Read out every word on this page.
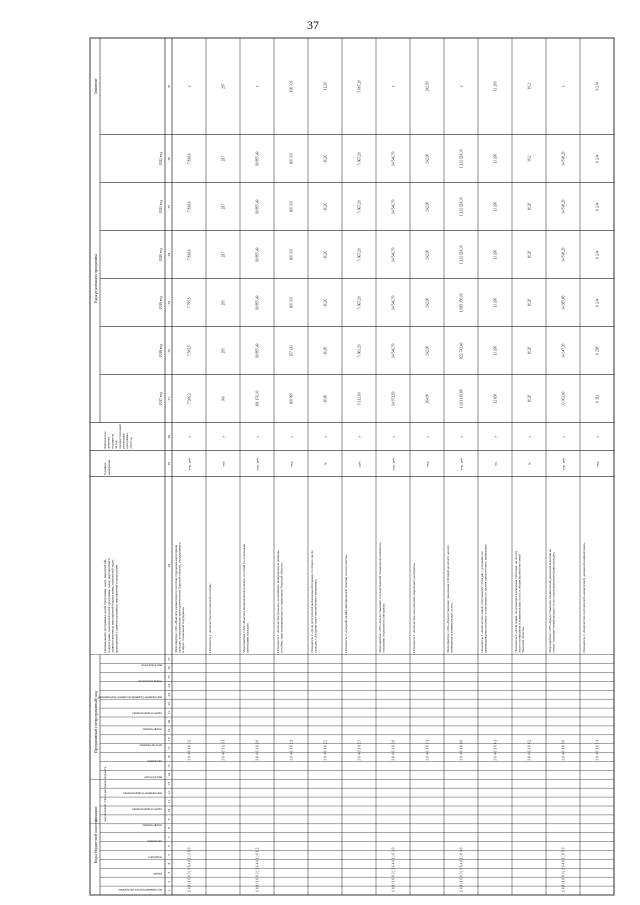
37
Коды бюджетной классификации
Программный (непрограммный) код
Годы реализации программы
Значение
код целевой статьи расходов бюджета
код администратора программы
раздел
подраздел
программа
подпрограмма
задача подпрограммы
мероприятие подпрограммы
вид расходов
программа
цель программы
подпрограмма
задача подпрограммы
мероприятие (административное мероприятие)
номер показателя
вид показателя
Наименование программы, целей программы, задач, мероприятий, подпрограмм, показателей целей программы, задач, мероприятий и административных мероприятий подпрограмм, показателей задач, мероприятий и административных мероприятий подпрограмм
Единица измерения
Фактическое значение показателя за год, предшествующий реализации программы, 2016 год
2017 год
2018 год
2019 год
2020 год
2021 год
2022 год
1
2
3
4
5
6
7
8
9
10
11
12
13
14
15
16
17
18
19
20
21
22
23
24
25
26
27
28
29
30
31
32
33
34
35
36
37
1 4 8 | 1 0 0 3 | 3 6 4 0 1 | 3 0 0
3 6 4 0 1 0 0 2
Мероприятие 1.001 «Выплата ежемесячного пособия отдельным категориям граждан, установленным законодательством Тверской области, нуждающимся в мерах социальной поддержки»
тыс. руб.
х
7 306,2
7 509,5
7 795,5
7 838,6
7 838,6
7 838,6
х
3 6 4 0 1 1 0 1
Показатель 1 «Количество получателей пособия»
чел.
х
300
295
295
297
297
297
297
1 4 8 | 1 0 0 3 | 3 6 4 0 1 | 0 1 2
3 6 4 0 1 0 2 0
Мероприятие 1.002 «Выплата материальной помощи, пособий по отдельным категориям граждан»
тыс. руб.
х
101 170,30
90 855,40
90 855,40
90 855,40
90 855,40
90 855,40
х
3 6 4 0 1 0 2 1
Показатель 1 «Количество граждан, получивших материальную помощь, пособия, зарегистрированных на территории Тверской области»
чел.
х
160 095
157 243
160 335
160 335
160 335
160 335
160 335
3 6 4 0 1 0 2 2
Показатель 2 «Доля получателей материальной помощи от общего числа граждан с доходами ниже прожиточного минимума»
%
х
10,60
11,00
11,20
11,20
11,20
11,20
11,20
3 6 4 0 1 0 2 3
Показатель 3 «Средний размер материальной помощи на получателя»
руб.
х
5 113,60
5 063,20
5 067,20
5 067,20
5 067,20
5 067,20
5 067,20
1 4 8 | 1 0 0 3 | 3 6 4 0 1 | 0 3 0
3 6 4 0 1 0 3 0
Мероприятие 1.003 «Предоставление государственной социальной помощи на основании социального контракта»
тыс. руб.
х
14 071,50
14 546,70
14 546,70
14 546,70
14 546,70
14 546,70
х
3 6 4 0 1 0 3 1
Показатель 1 «Количество получателей социального контракта»
чел.
х
264,00
242,00
242,00
242,00
242,00
242,00
242,00
1 4 8 | 1 0 0 3 | 3 6 4 0 1 | 0 4 0
3 6 4 0 1 0 4 0
Мероприятие 1.004 «Предоставление гражданам субсидий на оплату жилого помещения и коммунальных услуг»
тыс. руб.
х
1 021 119,80
822 742,40
1 089 350,00
1 132 924,30
1 132 924,30
1 132 924,30
х
3 6 4 0 1 0 4 1
Показатель 1 «Количество семей, получающих субсидии с доходами, не превышающими величину установленного уровня прожиточного минимума»
ед.
х
12 650
13 200
13 200
13 200
13 200
13 200
13 200
3 6 4 0 1 0 4 2
Показатель 2 «Доля семей, получающих жилищные субсидии, на оплату жилого помещения и коммунальных услуг, в общем количестве семей Тверской области»
%
х
10,20
10,20
10,20
10,20
10,20
10,2
10,2
1 4 8 | 1 0 0 3 | 3 6 4 0 1 | 0 5 0
3 6 4 0 1 0 5 0
Мероприятие 1.005 «Предоставление ежемесячной денежной выплаты на оплату жилищно-коммунальных услуг отдельным категориям граждан»
тыс. руб.
х
33 362,60
34 347,30
34 385,80
34 538,20
34 538,20
34 538,20
х
3 6 4 0 1 0 5 1
Показатель 1 «Количество получателей ежемесячной денежной компенсации»
чел.
х
6 313
6 228
6 234
6 234
6 234
6 234
6 234
